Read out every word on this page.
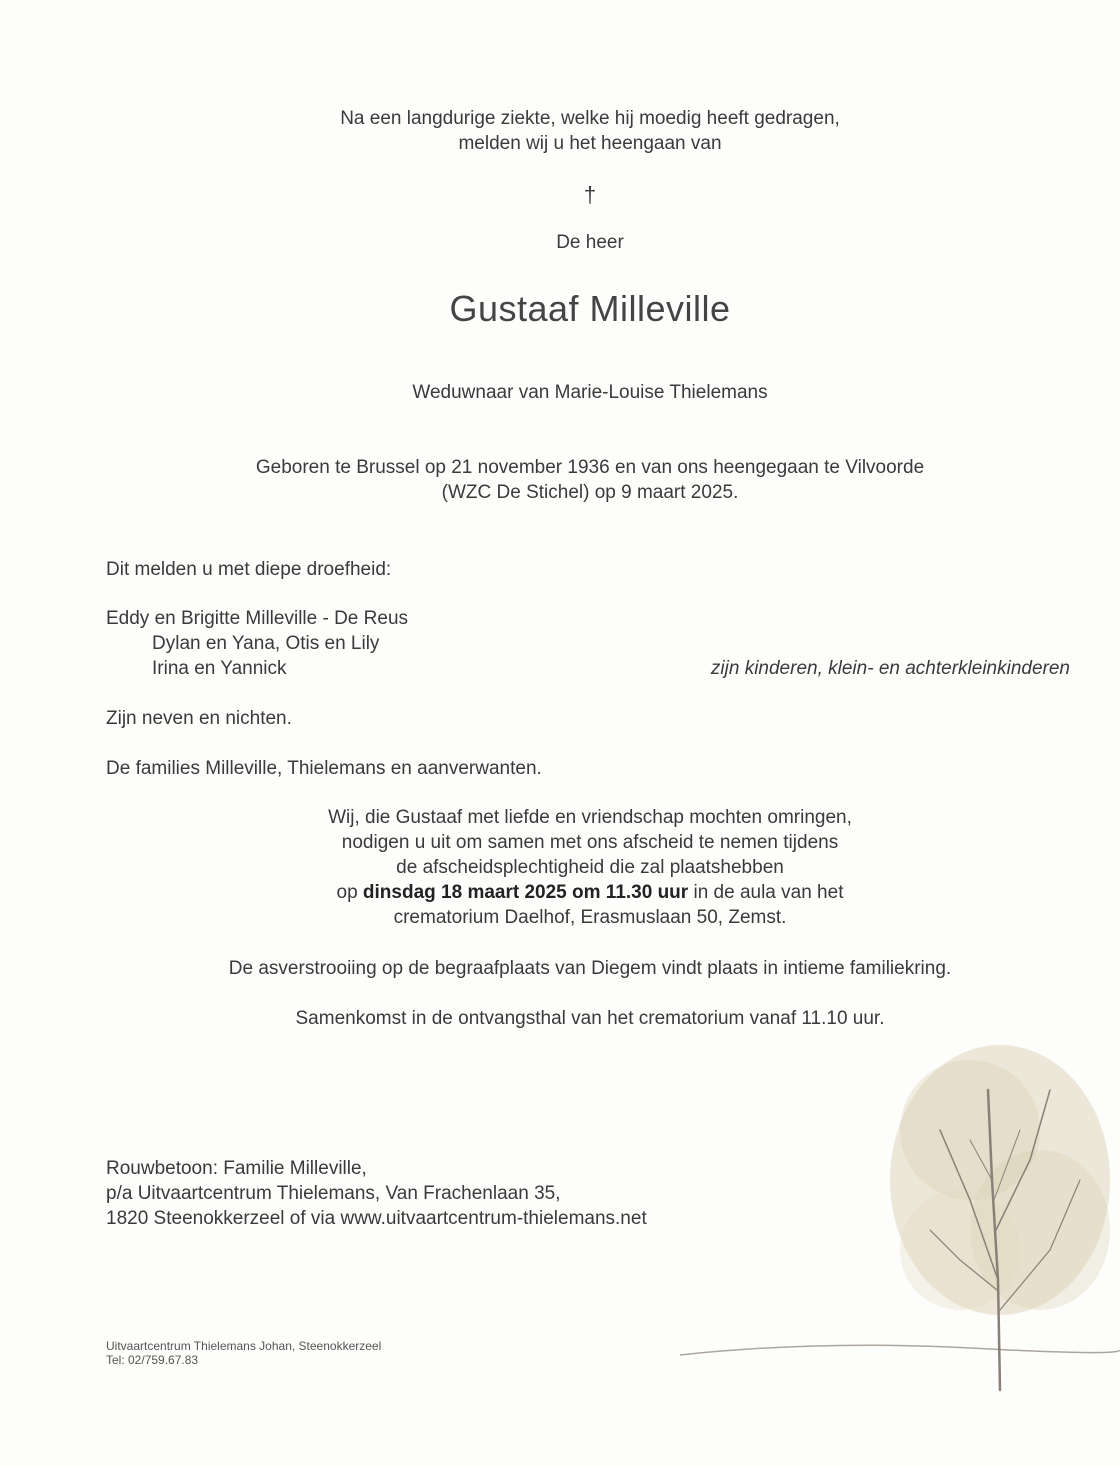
Na een langdurige ziekte, welke hij moedig heeft gedragen,
melden wij u het heengaan van
†
De heer
Gustaaf Milleville
Weduwnaar van Marie-Louise Thielemans
Geboren te Brussel op 21 november 1936 en van ons heengegaan te Vilvoorde
(WZC De Stichel) op 9 maart 2025.
Dit melden u met diepe droefheid:
Eddy en Brigitte Milleville - De Reus
Dylan en Yana, Otis en Lily
Irina en Yannick	zijn kinderen, klein- en achterkleinkinderen
Zijn neven en nichten.
De families Milleville, Thielemans en aanverwanten.
Wij, die Gustaaf met liefde en vriendschap mochten omringen,
nodigen u uit om samen met ons afscheid te nemen tijdens
de afscheidsplechtigheid die zal plaatshebben
op dinsdag 18 maart 2025 om 11.30 uur in de aula van het
crematorium Daelhof, Erasmuslaan 50, Zemst.
De asverstrooiing op de begraafplaats van Diegem vindt plaats in intieme familiekring.
Samenkomst in de ontvangsthal van het crematorium vanaf 11.10 uur.
Rouwbetoon: Familie Milleville,
p/a Uitvaartcentrum Thielemans, Van Frachenlaan 35,
1820 Steenokkerzeel of via www.uitvaartcentrum-thielemans.net
Uitvaartcentrum Thielemans Johan, Steenokkerzeel
Tel: 02/759.67.83
